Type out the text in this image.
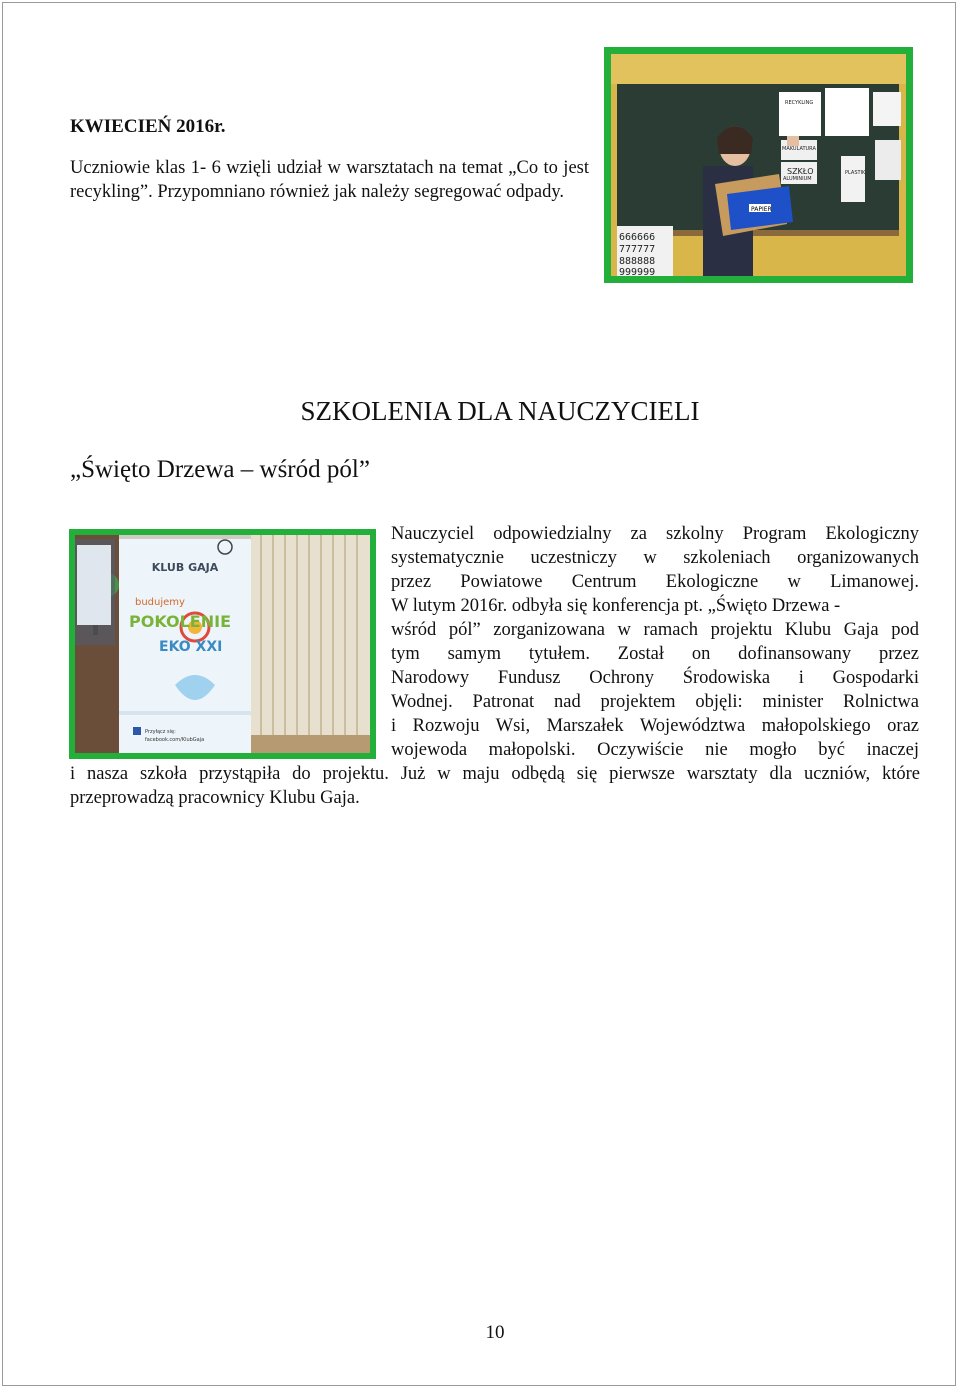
KWIECIEŃ 2016r.

Uczniowie klas 1- 6 wzięli udział w warsztatach na temat „Co to jest recykling”. Przypomniano również jak należy segregować odpady.

666666
777777
888888
999999
RECYKLING
MAKULATURA
SZKŁO	PLASTIK
ALUMINIUM
PAPIER
SZKOLENIA DLA NAUCZYCIELI
„Święto Drzewa – wśród pól”
KLUB GAJA
budujemy
POKOLENIE
EKO XXI
Przyłącz się:
facebook.com/KlubGaja
Nauczyciel odpowiedzialny za szkolny Program Ekologiczny
systematycznie uczestniczy w szkoleniach organizowanych
przez Powiatowe Centrum Ekologiczne w Limanowej.
W lutym 2016r. odbyła się konferencja pt. „Święto Drzewa -
wśród pól” zorganizowana w ramach projektu Klubu Gaja pod
tym samym tytułem. Został on dofinansowany przez
Narodowy Fundusz Ochrony Środowiska i Gospodarki
Wodnej. Patronat nad projektem objęli: minister Rolnictwa
i Rozwoju Wsi, Marszałek Województwa małopolskiego oraz
wojewoda małopolski. Oczywiście nie mogło być inaczej
i nasza szkoła przystąpiła do projektu. Już w maju odbędą się pierwsze warsztaty dla uczniów, które
przeprowadzą pracownicy Klubu Gaja.
10
